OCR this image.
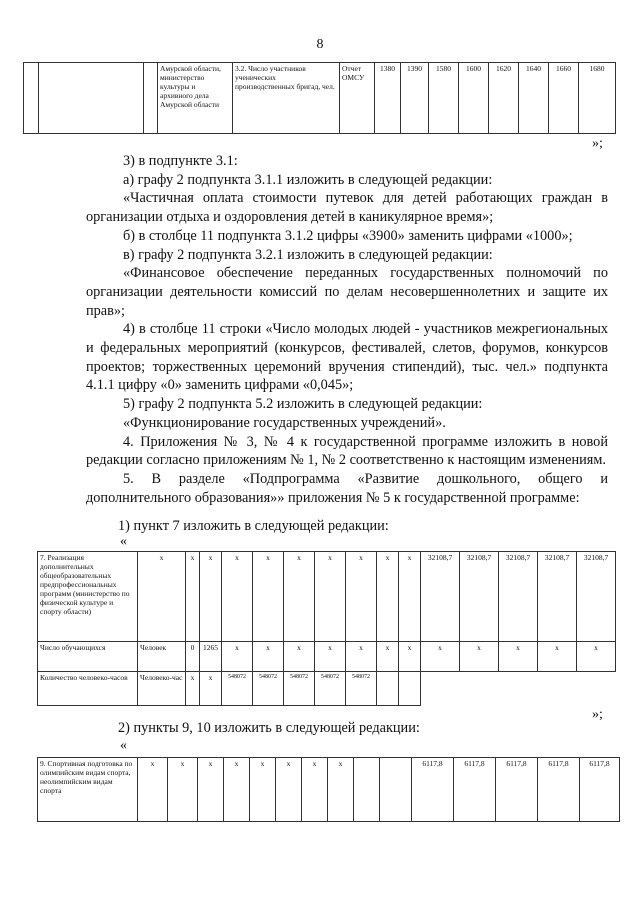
8
			Амурской области, министерство культуры и архивного дела Амурской области	3.2. Число участников ученических производственных бригад, чел.	Отчет ОМСУ	1380	1390	1580	1600	1620	1640	1660	1680
»;

3) в подпункте 3.1:

а) графу 2 подпункта 3.1.1 изложить в следующей редакции:

«Частичная оплата стоимости путевок для детей работающих граждан в организации отдыха и оздоровления детей в каникулярное время»;

б) в столбце 11 подпункта 3.1.2 цифры «3900» заменить цифрами «1000»;

в) графу 2 подпункта 3.2.1 изложить в следующей редакции:

«Финансовое обеспечение переданных государственных полномочий по организации деятельности комиссий по делам несовершеннолетних и защите их прав»;

4) в столбце 11 строки «Число молодых людей - участников межрегиональных и федеральных мероприятий (конкурсов, фестивалей, слетов, форумов, конкурсов проектов; торжественных церемоний вручения стипендий), тыс. чел.» подпункта 4.1.1 цифру «0» заменить цифрами «0,045»;

5) графу 2 подпункта 5.2 изложить в следующей редакции:

«Функционирование государственных учреждений».

4. Приложения № 3, № 4 к государственной программе изложить в новой редакции согласно приложениям № 1, № 2 соответственно к настоящим изменениям.

5. В разделе «Подпрограмма «Развитие дошкольного, общего и дополнительного образования»» приложения № 5 к государственной программе:

1) пункт 7 изложить в следующей редакции:
«
7. Реализация дополнительных общеобразовательных предпрофессиональных программ (министерство по физической культуре и спорту области)	x	x	x	x	x	x	x	x	x	x	32108,7	32108,7	32108,7	32108,7	32108,7
Число обучающихся	Человек	0	1265	x	x	x	x	x	x	x	x	x	x	x	x
Количество человеко-часов	Человеко-час	x	x	548072	548072	548072	548072	548072							
»;
2) пункты 9, 10 изложить в следующей редакции:
«
9. Спортивная подготовка по олимпийским видам спорта, неолимпийским видам спорта	x	x	x	x	x	x	x	x			6117,8	6117,8	6117,8	6117,8	6117,8
